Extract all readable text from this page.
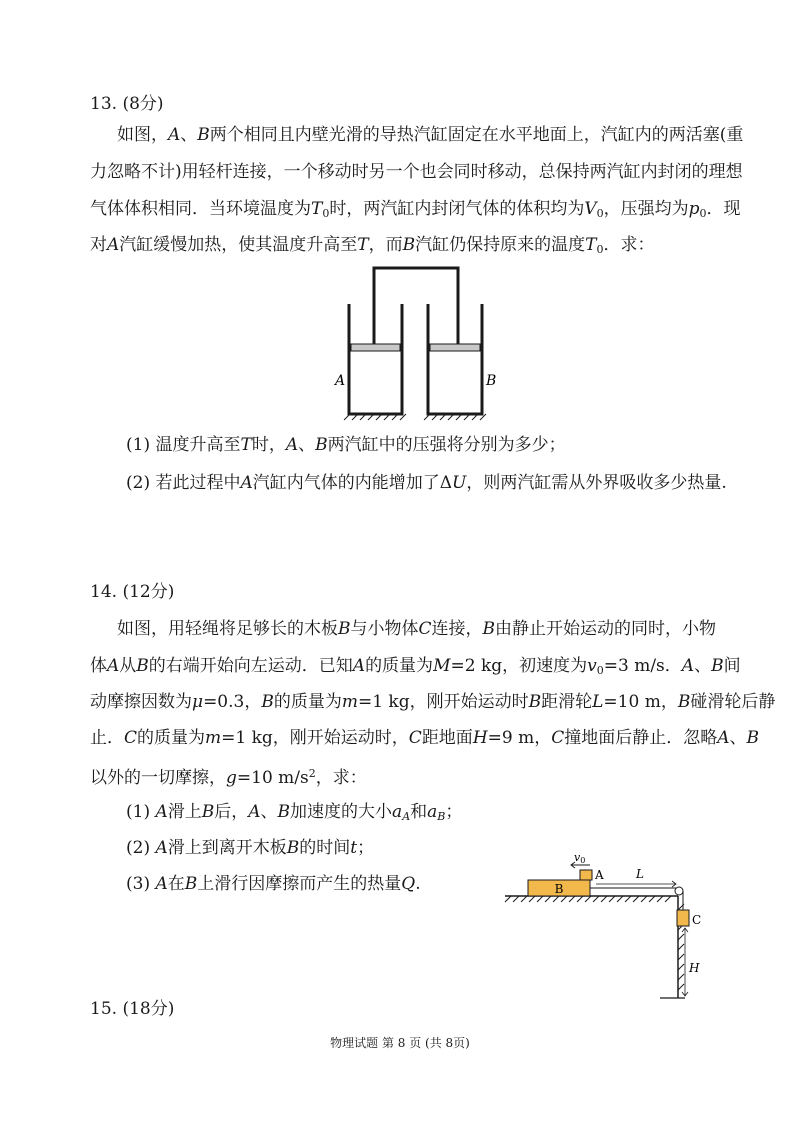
13. (8分)
如图，A、B两个相同且内壁光滑的导热汽缸固定在水平地面上，汽缸内的两活塞(重
力忽略不计)用轻杆连接，一个移动时另一个也会同时移动，总保持两汽缸内封闭的理想
气体体积相同．当环境温度为$T_0$时，两汽缸内封闭气体的体积均为$V_0$，压强均为$p_0$．现
对A汽缸缓慢加热，使其温度升高至T，而B汽缸仍保持原来的温度$T_0$．求：
A	B
(1) 温度升高至T时，A、B两汽缸中的压强将分别为多少；
(2) 若此过程中A汽缸内气体的内能增加了ΔU，则两汽缸需从外界吸收多少热量.
14. (12分)
如图，用轻绳将足够长的木板B与小物体C连接，B由静止开始运动的同时，小物
体A从B的右端开始向左运动．已知A的质量为M=2 kg，初速度为$v_0=3$ m/s．A、B间
动摩擦因数为μ=0.3，B的质量为m=1 kg，刚开始运动时B距滑轮L=10 m，B碰滑轮后静
止．C的质量为m=1 kg，刚开始运动时，C距地面H=9 m，C撞地面后静止．忽略A、B
以外的一切摩擦，g=10 $m/s^2$，求：
(1) A滑上B后，A、B加速度的大小$a_A$和$a_B$；
(2) A滑上到离开木板B的时间t；
(3) A在B上滑行因摩擦而产生的热量Q.	B
A
v0
L
C
H
15. (18分)
物理试题 第 8 页 (共 8页)
